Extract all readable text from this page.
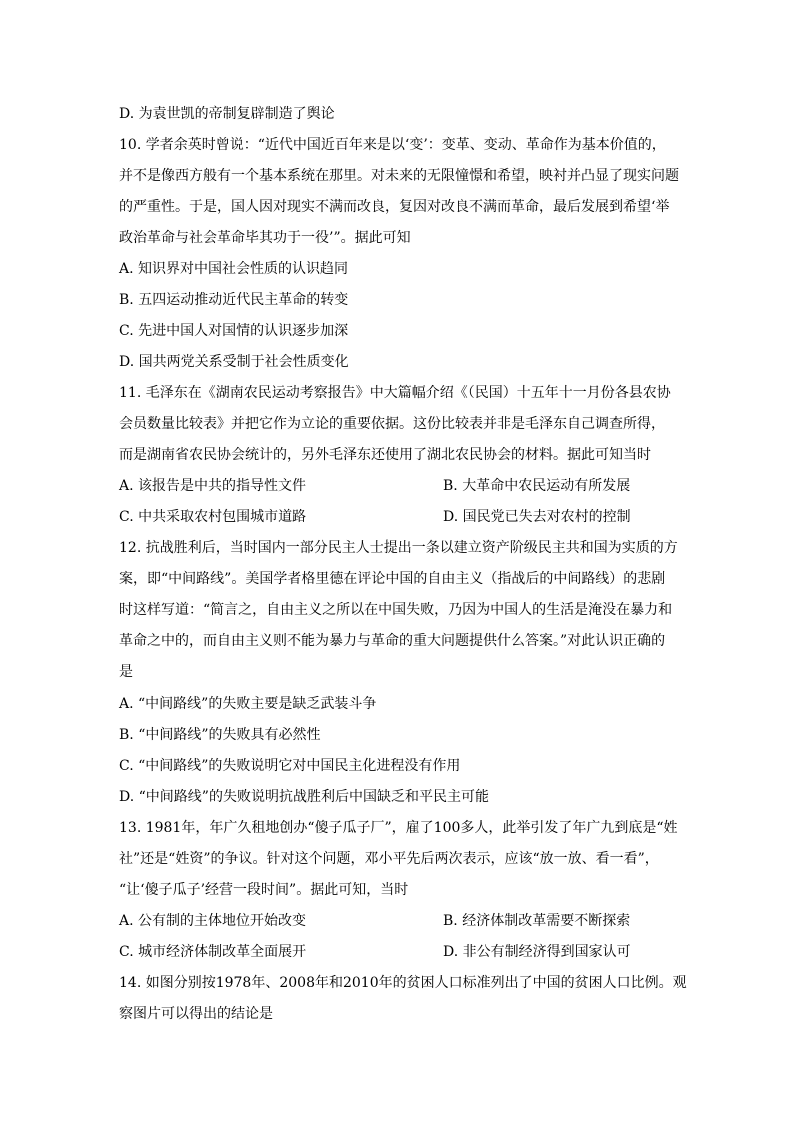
D. 为袁世凯的帝制复辟制造了舆论
10. 学者余英时曾说：“近代中国近百年来是以‘变’：变革、变动、革命作为基本价值的，
并不是像西方般有一个基本系统在那里。对未来的无限憧憬和希望，映衬并凸显了现实问题
的严重性。于是，国人因对现实不满而改良，复因对改良不满而革命，最后发展到希望‘举
政治革命与社会革命毕其功于一役’”。据此可知
A. 知识界对中国社会性质的认识趋同
B. 五四运动推动近代民主革命的转变
C. 先进中国人对国情的认识逐步加深
D. 国共两党关系受制于社会性质变化
11. 毛泽东在《湖南农民运动考察报告》中大篇幅介绍《（民国）十五年十一月份各县农协
会员数量比较表》并把它作为立论的重要依据。这份比较表并非是毛泽东自己调查所得，
而是湖南省农民协会统计的，另外毛泽东还使用了湖北农民协会的材料。据此可知当时
A. 该报告是中共的指导性文件	B. 大革命中农民运动有所发展
C. 中共采取农村包围城市道路	D. 国民党已失去对农村的控制
12. 抗战胜利后，当时国内一部分民主人士提出一条以建立资产阶级民主共和国为实质的方
案，即“中间路线”。美国学者格里德在评论中国的自由主义（指战后的中间路线）的悲剧
时这样写道：“简言之，自由主义之所以在中国失败，乃因为中国人的生活是淹没在暴力和
革命之中的，而自由主义则不能为暴力与革命的重大问题提供什么答案。”对此认识正确的
是
A. “中间路线”的失败主要是缺乏武装斗争
B. “中间路线”的失败具有必然性
C. “中间路线”的失败说明它对中国民主化进程没有作用
D. “中间路线”的失败说明抗战胜利后中国缺乏和平民主可能
13. 1981年，年广久租地创办“傻子瓜子厂”，雇了100多人，此举引发了年广九到底是“姓
社”还是“姓资”的争议。针对这个问题，邓小平先后两次表示，应该“放一放、看一看”，
“让‘傻子瓜子’经营一段时间”。据此可知，当时
A. 公有制的主体地位开始改变	B. 经济体制改革需要不断探索
C. 城市经济体制改革全面展开	D. 非公有制经济得到国家认可
14. 如图分别按1978年、2008年和2010年的贫困人口标准列出了中国的贫困人口比例。观
察图片可以得出的结论是
